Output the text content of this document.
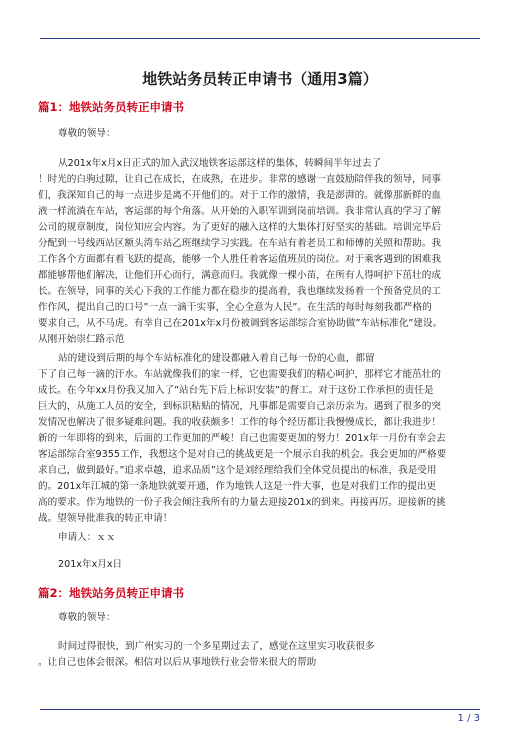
地铁站务员转正申请书（通用3篇）
篇1：地铁站务员转正申请书
尊敬的领导：
从201x年x月x日正式的加入武汉地铁客运部这样的集体，转瞬间半年过去了
！时光的白驹过隙，让自己在成长，在成熟，在进步。非常的感谢一直鼓励陪伴我的领导，同事
们，我深知自己的每一点进步是离不开他们的。对于工作的激情，我是澎湃的。就像那新鲜的血
液一样流淌在车站，客运部的每个角落。从开始的入职军训到岗前培训。我非常认真的学习了解
公司的规章制度，岗位知应会内容。为了更好的融入这样的大集体打好坚实的基础。培训完毕后
分配到一号线西站区额头湾车站乙班继续学习实践。在车站有着老员工和师傅的关照和帮助。我
工作各个方面都有着飞跃的提高，能够一个人胜任着客运值班员的岗位。对于乘客遇到的困难我
都能够帮他们解决，让他们开心而行，满意而归。我就像一棵小苗，在所有人得呵护下茁壮的成
长。在领导，同事的关心下我的工作能力都在稳步的提高着，我也继续发扬着一个预备党员的工
作作风，提出自己的口号”一点一滴干实事，全心全意为人民”。在生活的每时每刻我都严格的
要求自己，从不马虎。有幸自己在201x年x月份被调到客运部综合室协助做”车站标准化”建设。
从刚开始崇仁路示范
站的建设到后期的每个车站标准化的建设都融入着自己每一份的心血，都留
下了自己每一滴的汗水。车站就像我们的家一样，它也需要我们的精心呵护，那样它才能茁壮的
成长。在今年xx月份我又加入了”站台先下后上标识安装”的督工。对于这份工作承担的责任是
巨大的，从施工人员的安全，到标识粘贴的情况，凡事都是需要自己亲历亲为。遇到了很多的突
发情况也解决了很多疑难问题。我的收获颇多！工作的每个经历都让我慢慢成长，都让我进步！
新的一年即将的到来，后面的工作更加的严峻！自己也需要更加的努力！201x年一月份有幸会去
客运部综合室9355工作，我想这个是对自己的挑战更是一个展示自我的机会。我会更加的严格要
求自己，做到最好。”追求卓越，追求品质”这个是刘经理给我们全体党员提出的标准，我是受用
的。201x年江城的第一条地铁就要开通，作为地铁人这是一件大事，也是对我们工作的提出更
高的要求。作为地铁的一份子我会倾注我所有的力量去迎接201x的到来。再接再厉。迎接新的挑
战。望领导批准我的转正申请！
申请人：ｘｘ
201x年x月x日
篇2：地铁站务员转正申请书
尊敬的领导：
时间过得很快，到广州实习的一个多星期过去了，感觉在这里实习收获很多
。让自己也体会很深。相信对以后从事地铁行业会带来很大的帮助
1 / 3
